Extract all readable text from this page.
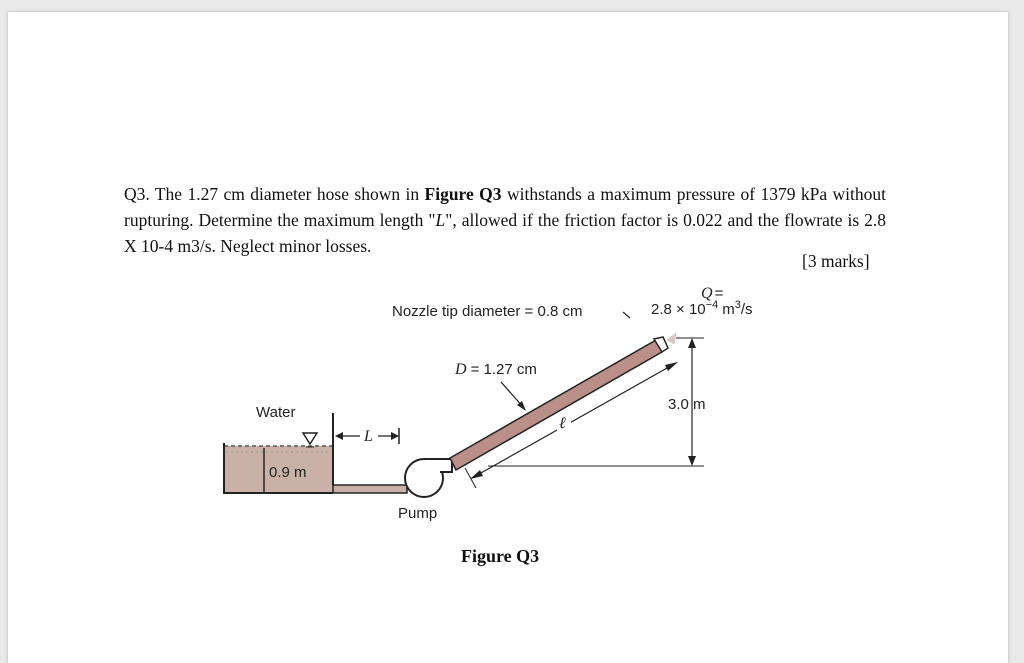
Q3. The 1.27 cm diameter hose shown in Figure Q3 withstands a maximum pressure of 1379 kPa without rupturing. Determine the maximum length "L", allowed if the friction factor is 0.022 and the flowrate is 2.8 X 10-4 m3/s. Neglect minor losses.
[3 marks]
0.9 m
Water
L
Pump
ℓ
3.0 m
D = 1.27 cm
Nozzle tip diameter = 0.8 cm
Q =
$2.8 \times 10^{-4}$ $m^3/s$
Figure Q3
